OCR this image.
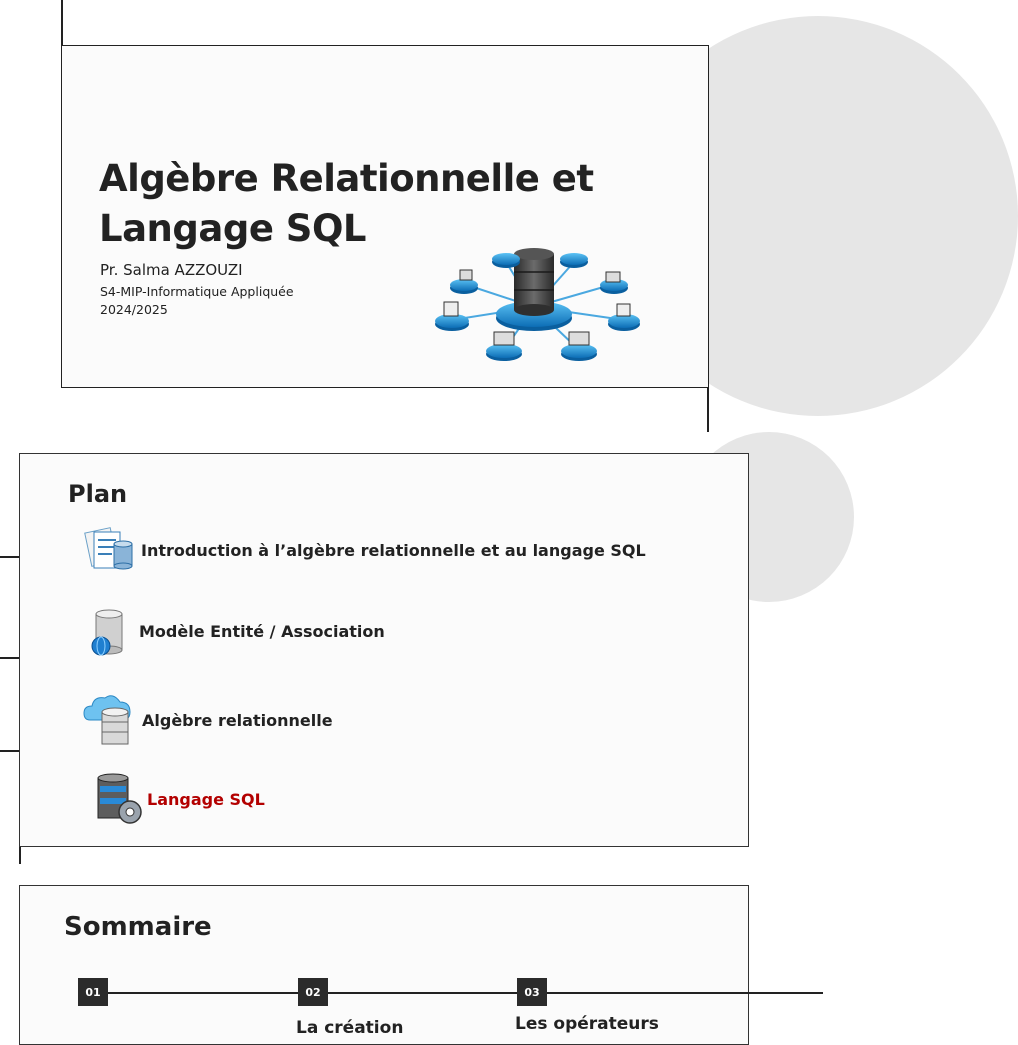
Algèbre Relationnelle et
Langage SQL
Pr. Salma AZZOUZI
S4-MIP-Informatique Appliquée
2024/2025
Plan
Introduction à l’algèbre relationnelle et au langage SQL
Modèle Entité / Association
Algèbre relationnelle
Langage SQL
Sommaire
01	02	03
La création	Les opérateurs
